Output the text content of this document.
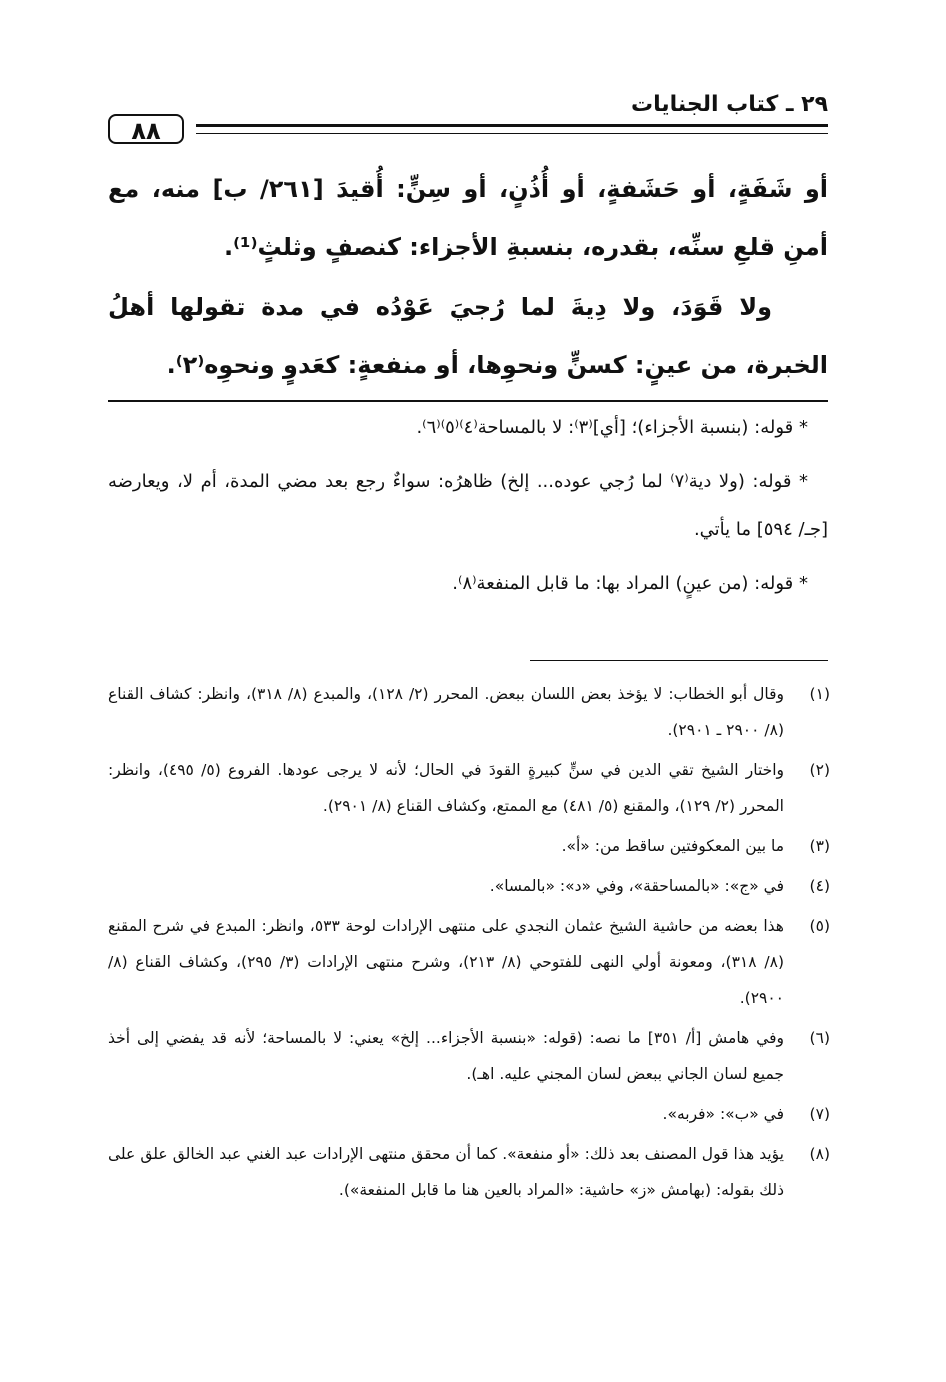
٢٩ ـ كتاب الجنايات
٨٨

أو شَفَةٍ، أو حَشَفةٍ، أو أُذُنٍ، أو سِنٍّ: أُقيدَ [٢٦١/ ب] منه، مع أمنِ قلعِ سنِّه، بقدره، بنسبةِ الأجزاء: كنصفٍ وثلثٍ⁽¹⁾.

ولا قَوَدَ، ولا دِيةَ لما رُجيَ عَوْدُه في مدة تقولها أهلُ الخبرة، من عينٍ: كسنٍّ ونحوِها، أو منفعةٍ: كعَدوٍ ونحوِه⁽٢⁾.

* قوله: (بنسبة الأجزاء)؛ [أي]⁽٣⁾: لا بالمساحة⁽٤⁾⁽٥⁾⁽٦⁾.

* قوله: (ولا دية⁽٧⁾ لما رُجي عوده... إلخ) ظاهرُه: سواءٌ رجع بعد مضي المدة، أم لا، ويعارضه [جـ/ ٥٩٤] ما يأتي.

* قوله: (من عينٍ) المراد بها: ما قابل المنفعة⁽٨⁾.

(١)
وقال أبو الخطاب: لا يؤخذ بعض اللسان ببعض. المحرر (٢/ ١٢٨)، والمبدع (٨/ ٣١٨)، وانظر: كشاف القناع (٨/ ٢٩٠٠ ـ ٢٩٠١).
(٢)
واختار الشيخ تقي الدين في سنٍّ كبيرةٍ القودَ في الحال؛ لأنه لا يرجى عودها. الفروع (٥/ ٤٩٥)، وانظر: المحرر (٢/ ١٢٩)، والمقنع (٥/ ٤٨١) مع الممتع، وكشاف القناع (٨/ ٢٩٠١).
(٣)
ما بين المعكوفتين ساقط من: «أ».
(٤)
في «ج»: «بالمساحقة»، وفي «د»: «بالمسا».
(٥)
هذا بعضه من حاشية الشيخ عثمان النجدي على منتهى الإرادات لوحة ٥٣٣، وانظر: المبدع في شرح المقنع (٨/ ٣١٨)، ومعونة أولي النهى للفتوحي (٨/ ٢١٣)، وشرح منتهى الإرادات (٣/ ٢٩٥)، وكشاف القناع (٨/ ٢٩٠٠).
(٦)
وفي هامش [أ/ ٣٥١] ما نصه: (قوله: «بنسبة الأجزاء... إلخ» يعني: لا بالمساحة؛ لأنه قد يفضي إلى أخذ جميع لسان الجاني ببعض لسان المجني عليه. اهـ).
(٧)
في «ب»: «فربه».
(٨)
يؤيد هذا قول المصنف بعد ذلك: «أو منفعة». كما أن محقق منتهى الإرادات عبد الغني عبد الخالق علق على ذلك بقوله: (بهامش «ز» حاشية: «المراد بالعين هنا ما قابل المنفعة»).
